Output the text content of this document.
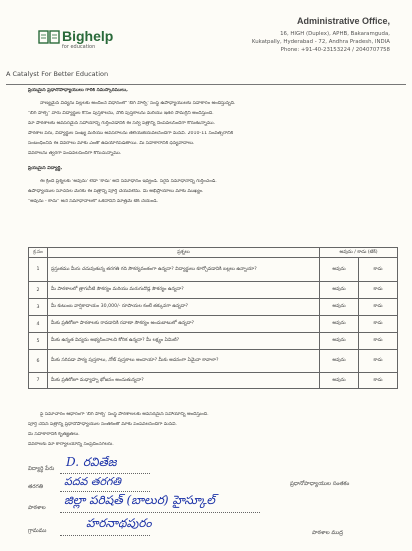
Bighelp
for education
A Catalyst For Better Education
Administrative Office,
16, HIGH (Duplex), APHB, Bakaramguda, Kukatpally, Hyderabad - 72, Andhra Pradesh, INDIA
Phone: +91-40-23153224 / 2040707758
ప్రియమైన ప్రధానోపాధ్యాయులు గారికి నమస్కారములు,
నాణ్యమైన విద్యను పిల్లలకు అందించే విధానంలో 'బిగ్ హెల్ప్' సంస్థ ఉపాధ్యాయులకు సహకారం అందిస్తున్నది.
"బిగ్ హెల్ప్" వారు విద్యార్థుల కోసం పుస్తకాలను, నోట్ పుస్తకాలను మరియు ఇతర సామగ్రిని అందిస్తుంది.
మా పాఠశాలకు అవసరమైన సహాయాన్ని గుర్తించడానికి ఈ సర్వే పత్రాన్ని నింపవలసిందిగా కోరుతున్నాము.
పాఠశాల పేరు, విద్యార్థుల సంఖ్య మరియు అవసరాలను తెలియజేయవలసిందిగా మనవి. 2010-11 సంవత్సరానికి
సంబంధించిన ఈ వివరాలు మాకు ఎంతో ఉపయోగపడతాయి. మీ సహకారానికి ధన్యవాదాలు.
వివరాలను త్వరగా పంపవలసిందిగా కోరుచున్నాము.
ప్రియమైన విద్యార్థి,
ఈ క్రింది ప్రశ్నలకు 'అవును' లేదా 'కాదు' అని సమాధానం ఇవ్వండి. సరైన సమాధానాన్ని గుర్తించండి.
ఉపాధ్యాయుల సూచనల మేరకు ఈ పత్రాన్ని పూర్తి చేయవలెను. మీ అభిప్రాయాలు మాకు ముఖ్యం.
"అవును - కాదు" అనే సమాధానాలలో ఒకదానిని మాత్రమే టిక్ చేయండి.
క్ర.సం	ప్రశ్నలు	అవును / కాదు (టిక్)	
1	ప్రస్తుతము మీరు చదువుతున్న తరగతి గది సౌకర్యవంతంగా ఉన్నదా? విద్యార్థులు కూర్చోవడానికి బల్లలు ఉన్నాయా?	అవును	కాదు
2	మీ పాఠశాలలో త్రాగునీటి సౌకర్యం మరియు మరుగుదొడ్ల సౌకర్యం ఉన్నదా?	అవును	కాదు
3	మీ కుటుంబ వార్షికాదాయం 30,000/- రూపాయల కంటే తక్కువగా ఉన్నదా?	అవును	కాదు
4	మీకు ప్రతిరోజూ పాఠశాలకు రావడానికి రవాణా సౌకర్యం అందుబాటులో ఉన్నదా?	అవును	కాదు
5	మీకు ఉన్నత విద్యను అభ్యసించాలని కోరిక ఉన్నదా? మీ లక్ష్యం ఏమిటి?	అవును	కాదు
6	మీకు సరిపడా పాఠ్య పుస్తకాలు, నోట్ పుస్తకాలు అందాయా? మీకు అదనంగా ఏమైనా కావాలా?	అవును	కాదు
7	మీకు ప్రతిరోజూ మధ్యాహ్న భోజనం అందుతున్నదా?	అవును	కాదు
పై సమాచారం ఆధారంగా 'బిగ్ హెల్ప్' సంస్థ పాఠశాలలకు అవసరమైన సహాయాన్ని అందిస్తుంది.
పూర్తి చేసిన పత్రాన్ని ప్రధానోపాధ్యాయుల సంతకంతో మాకు పంపవలసిందిగా మనవి.
మీ సహకారానికి కృతజ్ఞతలు.
వివరాలకు మా కార్యాలయాన్ని సంప్రదించగలరు.
విద్యార్థి పేరు D. రవితేజ
తరగతి పదవ తరగతి
పాఠశాల
జిల్లా పరిషత్ (బాలుర) హైస్కూల్
గ్రామము
హరనాథపురం
ప్రధానోపాధ్యాయుల సంతకం
పాఠశాల ముద్ర
